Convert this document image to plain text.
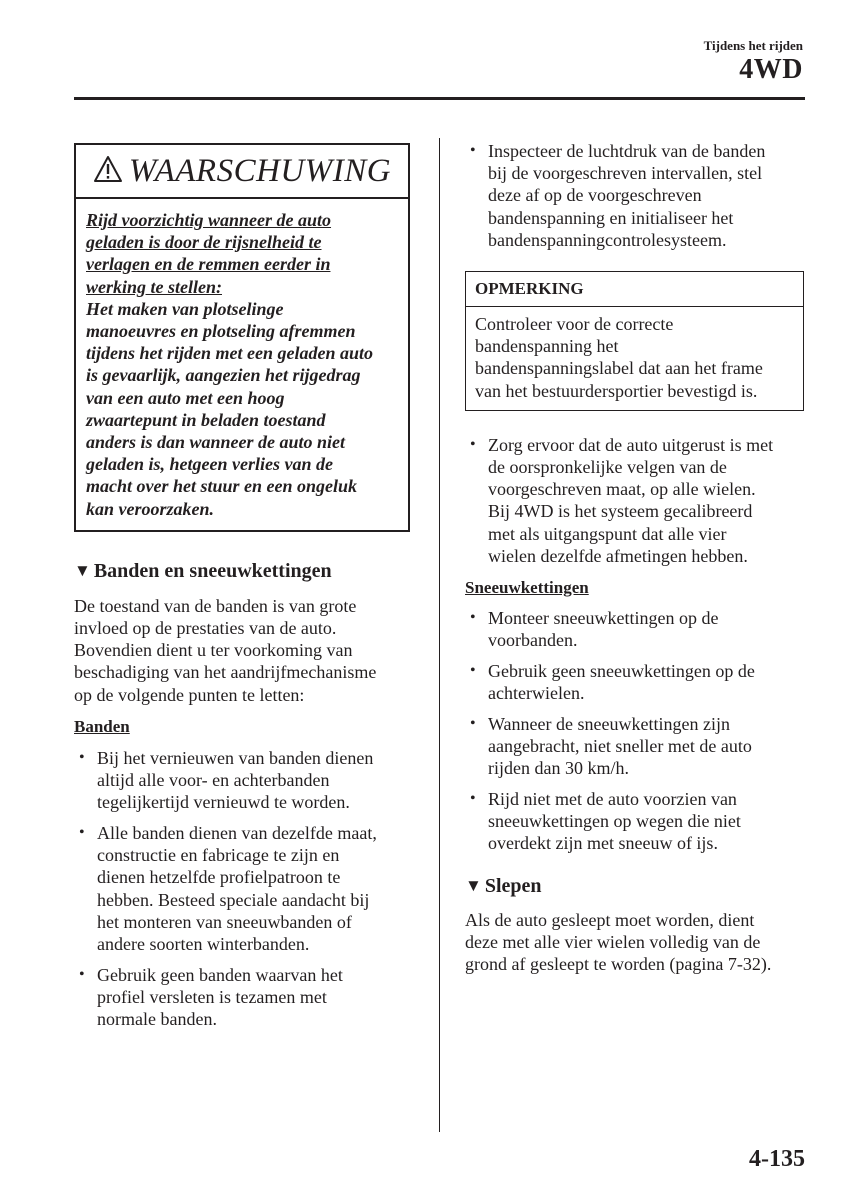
Tijdens het rijden
4WD
WAARSCHUWING
Rijd voorzichtig wanneer de auto
geladen is door de rijsnelheid te
verlagen en de remmen eerder in
werking te stellen:
Het maken van plotselinge
manoeuvres en plotseling afremmen
tijdens het rijden met een geladen auto
is gevaarlijk, aangezien het rijgedrag
van een auto met een hoog
zwaartepunt in beladen toestand
anders is dan wanneer de auto niet
geladen is, hetgeen verlies van de
macht over het stuur en een ongeluk
kan veroorzaken.
▼ Banden en sneeuwkettingen

De toestand van de banden is van grote
invloed op de prestaties van de auto.
Bovendien dient u ter voorkoming van
beschadiging van het aandrijfmechanisme
op de volgende punten te letten:

Banden
• Bij het vernieuwen van banden dienen
altijd alle voor- en achterbanden
tegelijkertijd vernieuwd te worden.
• Alle banden dienen van dezelfde maat,
constructie en fabricage te zijn en
dienen hetzelfde profielpatroon te
hebben. Besteed speciale aandacht bij
het monteren van sneeuwbanden of
andere soorten winterbanden.
• Gebruik geen banden waarvan het
profiel versleten is tezamen met
normale banden.
• Inspecteer de luchtdruk van de banden
bij de voorgeschreven intervallen, stel
deze af op de voorgeschreven
bandenspanning en initialiseer het
bandenspanningcontrolesysteem.
OPMERKING
Controleer voor de correcte
bandenspanning het
bandenspanningslabel dat aan het frame
van het bestuurdersportier bevestigd is.
• Zorg ervoor dat de auto uitgerust is met
de oorspronkelijke velgen van de
voorgeschreven maat, op alle wielen.
Bij 4WD is het systeem gecalibreerd
met als uitgangspunt dat alle vier
wielen dezelfde afmetingen hebben.
Sneeuwkettingen
• Monteer sneeuwkettingen op de
voorbanden.
• Gebruik geen sneeuwkettingen op de
achterwielen.
• Wanneer de sneeuwkettingen zijn
aangebracht, niet sneller met de auto
rijden dan 30 km/h.
• Rijd niet met de auto voorzien van
sneeuwkettingen op wegen die niet
overdekt zijn met sneeuw of ijs.
▼ Slepen

Als de auto gesleept moet worden, dient
deze met alle vier wielen volledig van de
grond af gesleept te worden (pagina 7-32).

4-135
